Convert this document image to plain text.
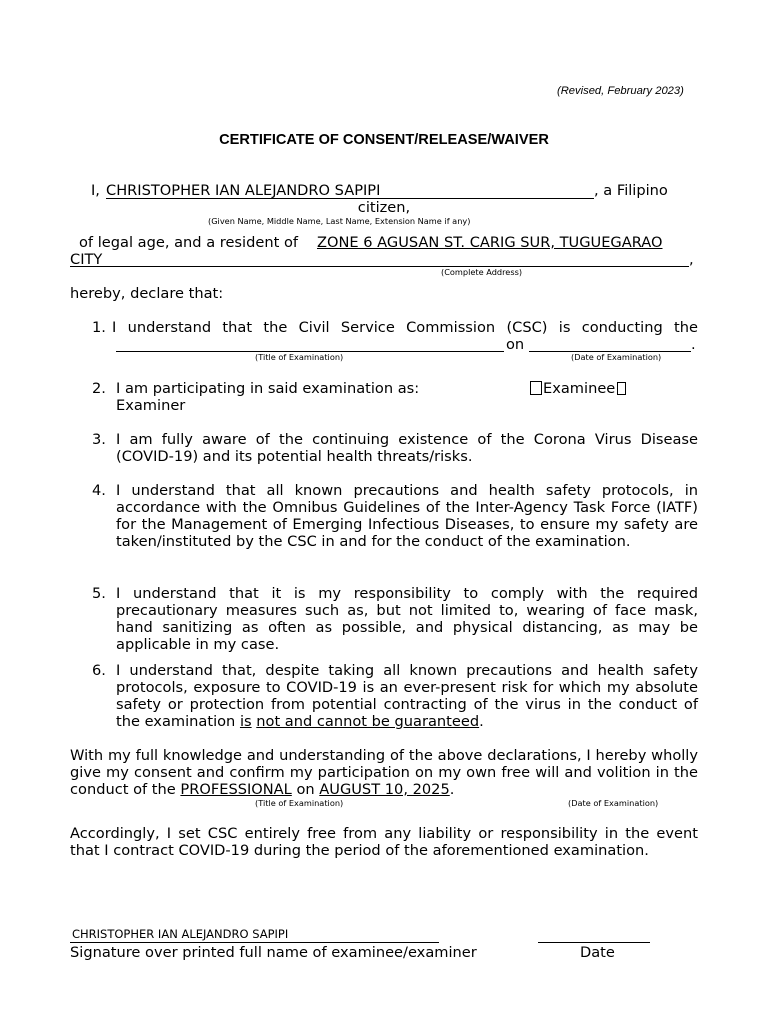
(Revised, February 2023)
CERTIFICATE OF CONSENT/RELEASE/WAIVER
I, CHRISTOPHER IAN ALEJANDRO SAPIPI	, a Filipino
citizen,
(Given Name, Middle Name, Last Name, Extension Name if any)
of legal age, and a resident of ZONE 6 AGUSAN ST. CARIG SUR, TUGUEGARAO
CITY	,
(Complete Address)
hereby, declare that:
1. I understand that the Civil Service Commission (CSC) is conducting the
on	.
(Title of Examination)	(Date of Examination)
2. I am participating in said examination as:	Examinee
Examiner
3. I am fully aware of the continuing existence of the Corona Virus Disease (COVID-19) and its potential health threats/risks.
4. I understand that all known precautions and health safety protocols, in accordance with the Omnibus Guidelines of the Inter-Agency Task Force (IATF) for the Management of Emerging Infectious Diseases, to ensure my safety are taken/instituted by the CSC in and for the conduct of the examination.
5. I understand that it is my responsibility to comply with the required precautionary measures such as, but not limited to, wearing of face mask, hand sanitizing as often as possible, and physical distancing, as may be applicable in my case.
6. I understand that, despite taking all known precautions and health safety protocols, exposure to COVID-19 is an ever-present risk for which my absolute safety or protection from potential contracting of the virus in the conduct of the examination is not and cannot be guaranteed.
With my full knowledge and understanding of the above declarations, I hereby wholly give my consent and confirm my participation on my own free will and volition in the conduct of the PROFESSIONAL on AUGUST 10, 2025.
(Title of Examination)	(Date of Examination)
Accordingly, I set CSC entirely free from any liability or responsibility in the event that I contract COVID-19 during the period of the aforementioned examination.
CHRISTOPHER IAN ALEJANDRO SAPIPI
Signature over printed full name of examinee/examiner	Date
